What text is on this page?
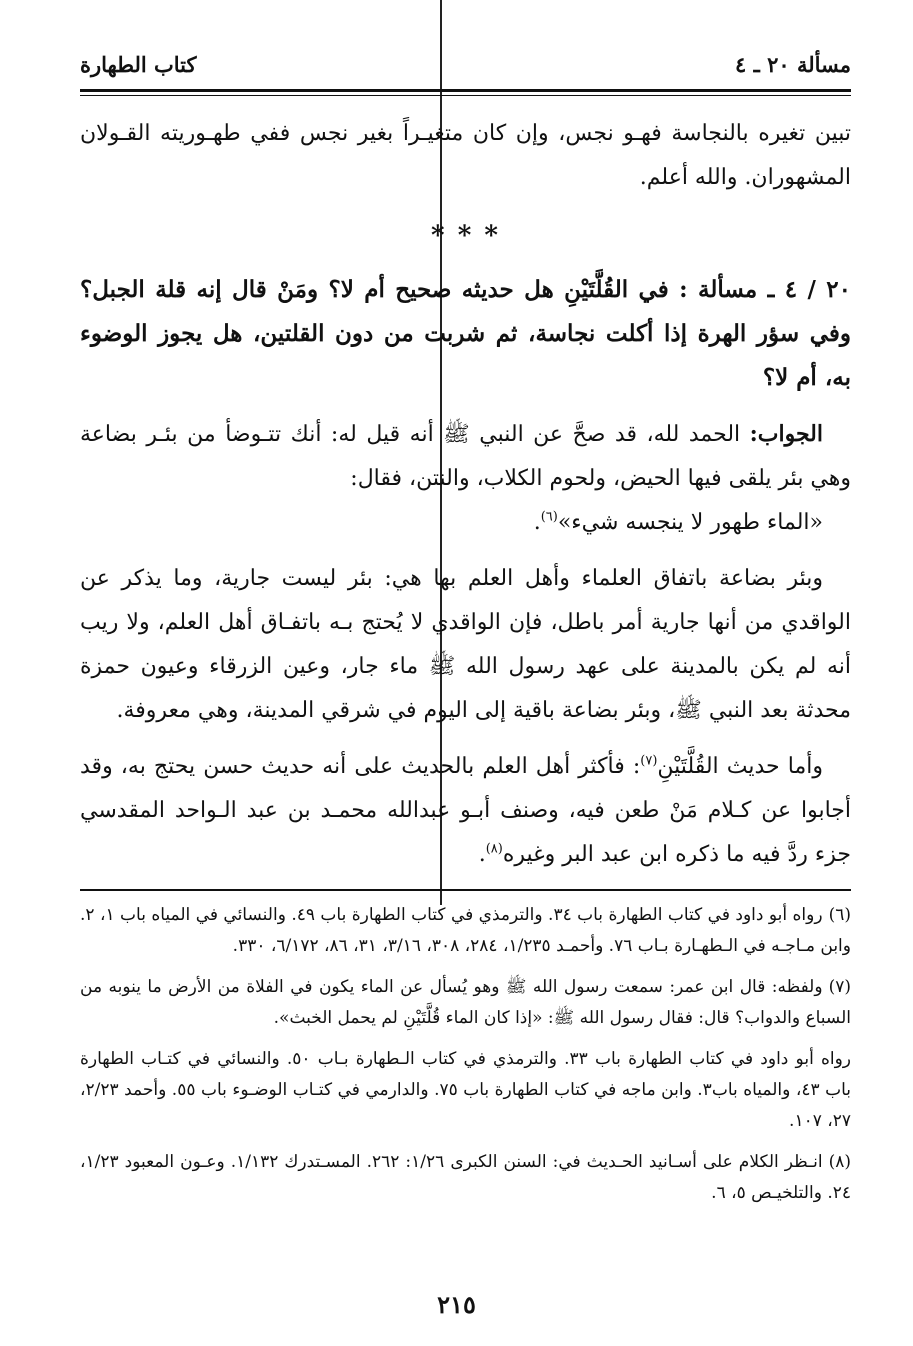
مسألة ٢٠ ـ ٤
كتاب الطهارة

تبين تغيره بالنجاسة فهـو نجس، وإن كان متغيـراً بغير نجس ففي طهـوريته القـولان المشهوران. والله أعلم.

* * *

٢٠ / ٤ ـ مسألة : في القُلَّتَيْنِ هل حديثه صحيح أم لا؟ ومَنْ قال إنه قلة الجبل؟ وفي سؤر الهرة إذا أكلت نجاسة، ثم شربت من دون القلتين، هل يجوز الوضوء به، أم لا؟

الجواب: الحمد لله، قد صحَّ عن النبي ﷺ أنه قيل له: أنك تتـوضأ من بئـر بضاعة وهي بئر يلقى فيها الحيض، ولحوم الكلاب، والنتن، فقال:

«الماء طهور لا ينجسه شيء»$^{(٦)}$.

وبئر بضاعة باتفاق العلماء وأهل العلم بها هي: بئر ليست جارية، وما يذكر عن الواقدي من أنها جارية أمر باطل، فإن الواقدي لا يُحتج بـه باتفـاق أهل العلم، ولا ريب أنه لم يكن بالمدينة على عهد رسول الله ﷺ ماء جار، وعين الزرقاء وعيون حمزة محدثة بعد النبي ﷺ، وبئر بضاعة باقية إلى اليوم في شرقي المدينة، وهي معروفة.

وأما حديث القُلَّتَيْنِ$^{(٧)}$: فأكثر أهل العلم بالحديث على أنه حديث حسن يحتج به، وقد أجابوا عن كـلام مَنْ طعن فيه، وصنف أبـو عبدالله محمـد بن عبد الـواحد المقدسي جزء ردَّ فيه ما ذكره ابن عبد البر وغيره$^{(٨)}$.

(٦)رواه أبو داود في كتاب الطهارة باب ٣٤. والترمذي في كتاب الطهارة باب ٤٩. والنسائي في المياه باب ١، ٢. وابن مـاجـه في الـطهـارة بـاب ٧٦. وأحمـد ١/٢٣٥، ٢٨٤، ٣٠٨، ٣/١٦، ٣١، ٨٦، ٦/١٧٢، ٣٣٠.

(٧)ولفظه: قال ابن عمر: سمعت رسول الله ﷺ وهو يُسأل عن الماء يكون في الفلاة من الأرض ما ينوبه من السباع والدواب؟ قال: فقال رسول الله ﷺ: «إذا كان الماء قُلَّتَيْنِ لم يحمل الخبث».

رواه أبو داود في كتاب الطهارة باب ٣٣. والترمذي في كتاب الـطهارة بـاب ٥٠. والنسائي في كتـاب الطهارة باب ٤٣، والمياه باب٣. وابن ماجه في كتاب الطهارة باب ٧٥. والدارمي في كتـاب الوضـوء باب ٥٥. وأحمد ٢/٢٣، ٢٧، ١٠٧.

(٨)انـظر الكلام على أسـانيد الحـديث في: السنن الكبرى ١/٢٦: ٢٦٢. المسـتدرك ١/١٣٢. وعـون المعبود ١/٢٣، ٢٤. والتلخيـص ٥، ٦.

٢١٥
